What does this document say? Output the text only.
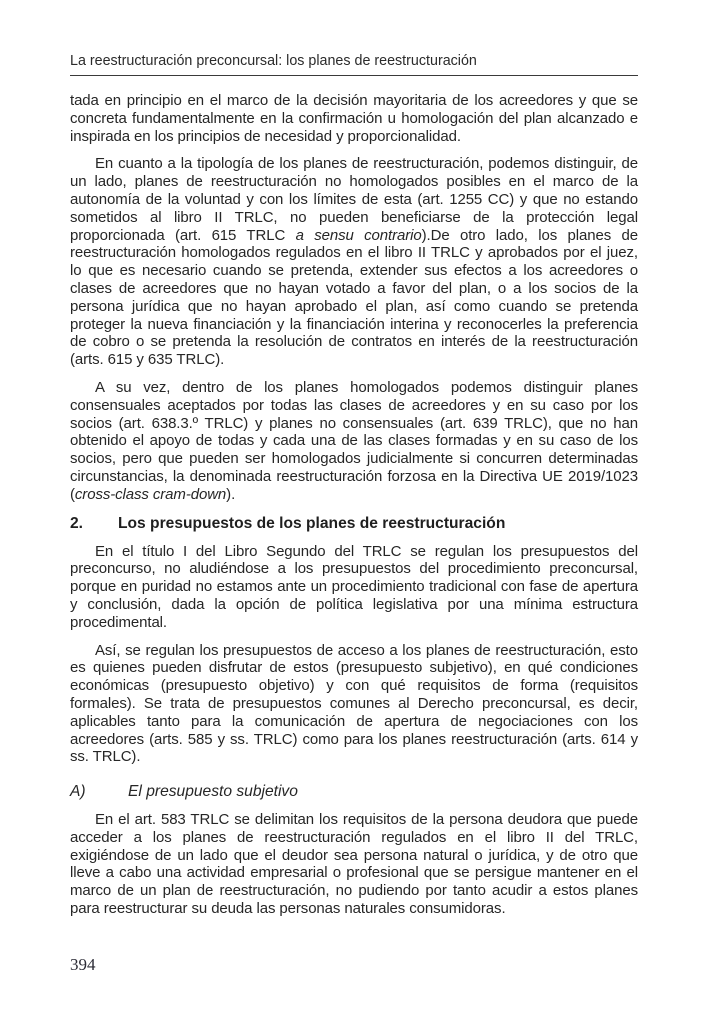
La reestructuración preconcursal: los planes de reestructuración

tada en principio en el marco de la decisión mayoritaria de los acreedores y que se concreta fundamentalmente en la confirmación u homologación del plan alcanzado e inspirada en los principios de necesidad y proporcionalidad.

En cuanto a la tipología de los planes de reestructuración, podemos distinguir, de un lado, planes de reestructuración no homologados posibles en el marco de la autonomía de la voluntad y con los límites de esta (art. 1255 CC) y que no estando sometidos al libro II TRLC, no pueden beneficiarse de la protección legal proporcionada (art. 615 TRLC a sensu contrario).De otro lado, los planes de reestructuración homologados regulados en el libro II TRLC y aprobados por el juez, lo que es necesario cuando se pretenda, extender sus efectos a los acreedores o clases de acreedores que no hayan votado a favor del plan, o a los socios de la persona jurídica que no hayan aprobado el plan, así como cuando se pretenda proteger la nueva financiación y la financiación interina y reconocerles la preferencia de cobro o se pretenda la resolución de contratos en interés de la reestructuración (arts. 615 y 635 TRLC).

A su vez, dentro de los planes homologados podemos distinguir planes consensuales aceptados por todas las clases de acreedores y en su caso por los socios (art. 638.3.º TRLC) y planes no consensuales (art. 639 TRLC), que no han obtenido el apoyo de todas y cada una de las clases formadas y en su caso de los socios, pero que pueden ser homologados judicialmente si concurren determinadas circunstancias, la denominada reestructuración forzosa en la Directiva UE 2019/1023 (cross-class cram-down).

2. Los presupuestos de los planes de reestructuración

En el título I del Libro Segundo del TRLC se regulan los presupuestos del preconcurso, no aludiéndose a los presupuestos del procedimiento preconcursal, porque en puridad no estamos ante un procedimiento tradicional con fase de apertura y conclusión, dada la opción de política legislativa por una mínima estructura procedimental.

Así, se regulan los presupuestos de acceso a los planes de reestructuración, esto es quienes pueden disfrutar de estos (presupuesto subjetivo), en qué condiciones económicas (presupuesto objetivo) y con qué requisitos de forma (requisitos formales). Se trata de presupuestos comunes al Derecho preconcursal, es decir, aplicables tanto para la comunicación de apertura de negociaciones con los acreedores (arts. 585 y ss. TRLC) como para los planes reestructuración (arts. 614 y ss. TRLC).

A)	El presupuesto subjetivo

En el art. 583 TRLC se delimitan los requisitos de la persona deudora que puede acceder a los planes de reestructuración regulados en el libro II del TRLC, exigiéndose de un lado que el deudor sea persona natural o jurídica, y de otro que lleve a cabo una actividad empresarial o profesional que se persigue mantener en el marco de un plan de reestructuración, no pudiendo por tanto acudir a estos planes para reestructurar su deuda las personas naturales consumidoras.

394
